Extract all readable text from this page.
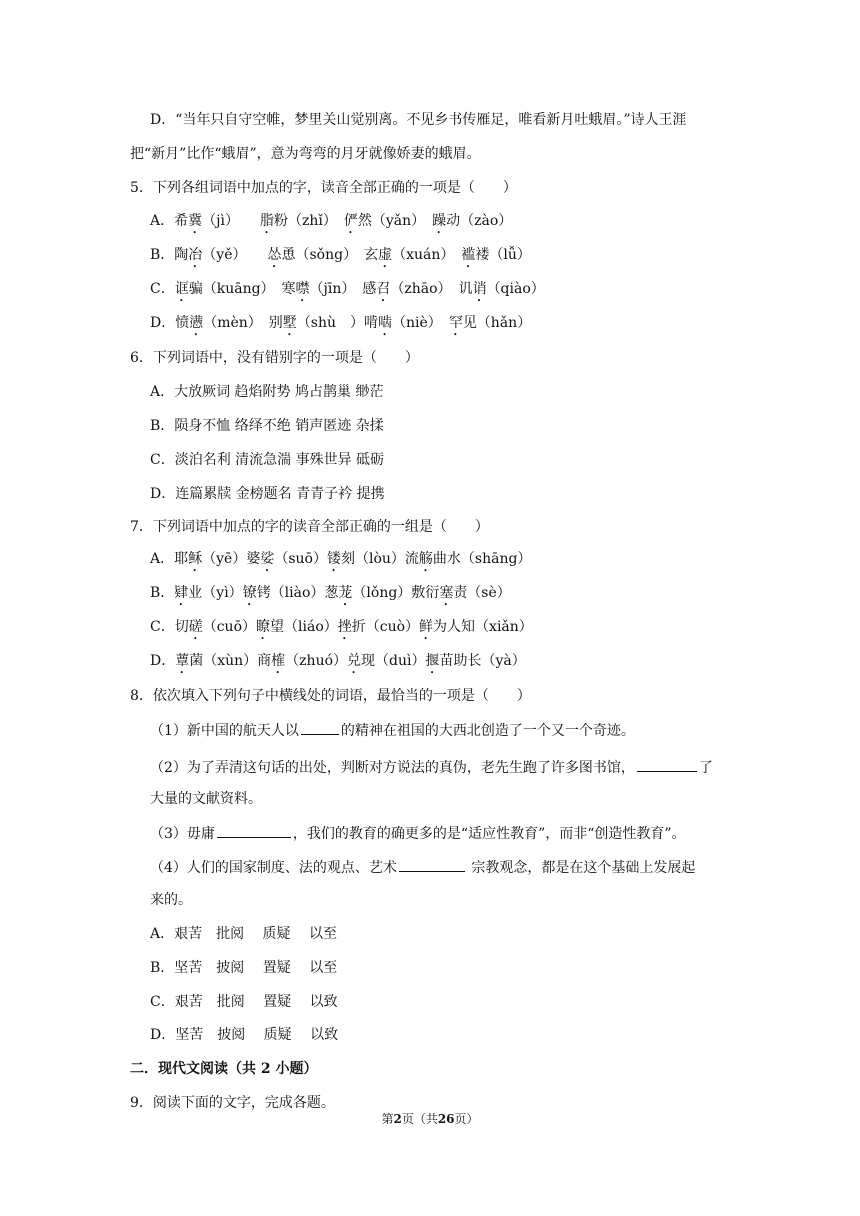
D．“当年只自守空帷，梦里关山觉别离。不见乡书传雁足，唯看新月吐蛾眉。”诗人王涯
把“新月”比作“蛾眉”，意为弯弯的月牙就像娇妻的蛾眉。
5．下列各组词语中加点的字，读音全部正确的一项是（　　）
A．希冀（jì）　　脂粉（zhǐ）　俨然（yǎn）　躁动（zào）
B．陶冶（yě）　　怂恿（sǒng）　玄虚（xuán）　褴褛（lǚ）
C．诓骗（kuāng）　寒噤（jīn）　感召（zhāo）　讥诮（qiào）
D．愤懑（mèn）　别墅（shù　）啃啮（niè）　罕见（hǎn）
6．下列词语中，没有错别字的一项是（　　）
A．大放厥词 趋焰附势 鸠占鹊巢 缈茫
B．陨身不恤 络绎不绝 销声匿迹 杂揉
C．淡泊名利 清流急湍 事殊世异 砥砺
D．连篇累牍 金榜题名 青青子衿 提携
7．下列词语中加点的字的读音全部正确的一组是（　　）
A．耶稣（yē）婆娑（suō）镂刻（lòu）流觞曲水（shāng）
B．肄业（yì）镣铐（liào）葱茏（lǒng）敷衍塞责（sè）
C．切磋（cuō）瞭望（liáo）挫折（cuò）鲜为人知（xiǎn）
D．蕈菌（xùn）商榷（zhuó）兑现（duì）揠苗助长（yà）
8．依次填入下列句子中横线处的词语，最恰当的一项是（　　）
（1）新中国的航天人以	的精神在祖国的大西北创造了一个又一个奇迹。
（2）为了弄清这句话的出处，判断对方说法的真伪，老先生跑了许多图书馆，	了
大量的文献资料。
（3）毋庸	，我们的教育的确更多的是“适应性教育”，而非“创造性教育”。
（4）人们的国家制度、法的观点、艺术	宗教观念，都是在这个基础上发展起
来的。
A．艰苦　批阅　 质疑　 以至
B．坚苦　披阅　 置疑　 以至
C．艰苦　批阅　 置疑　 以致
D．坚苦　披阅　 质疑　 以致
二．现代文阅读（共 2 小题）
9．阅读下面的文字，完成各题。
第2页（共26页）
